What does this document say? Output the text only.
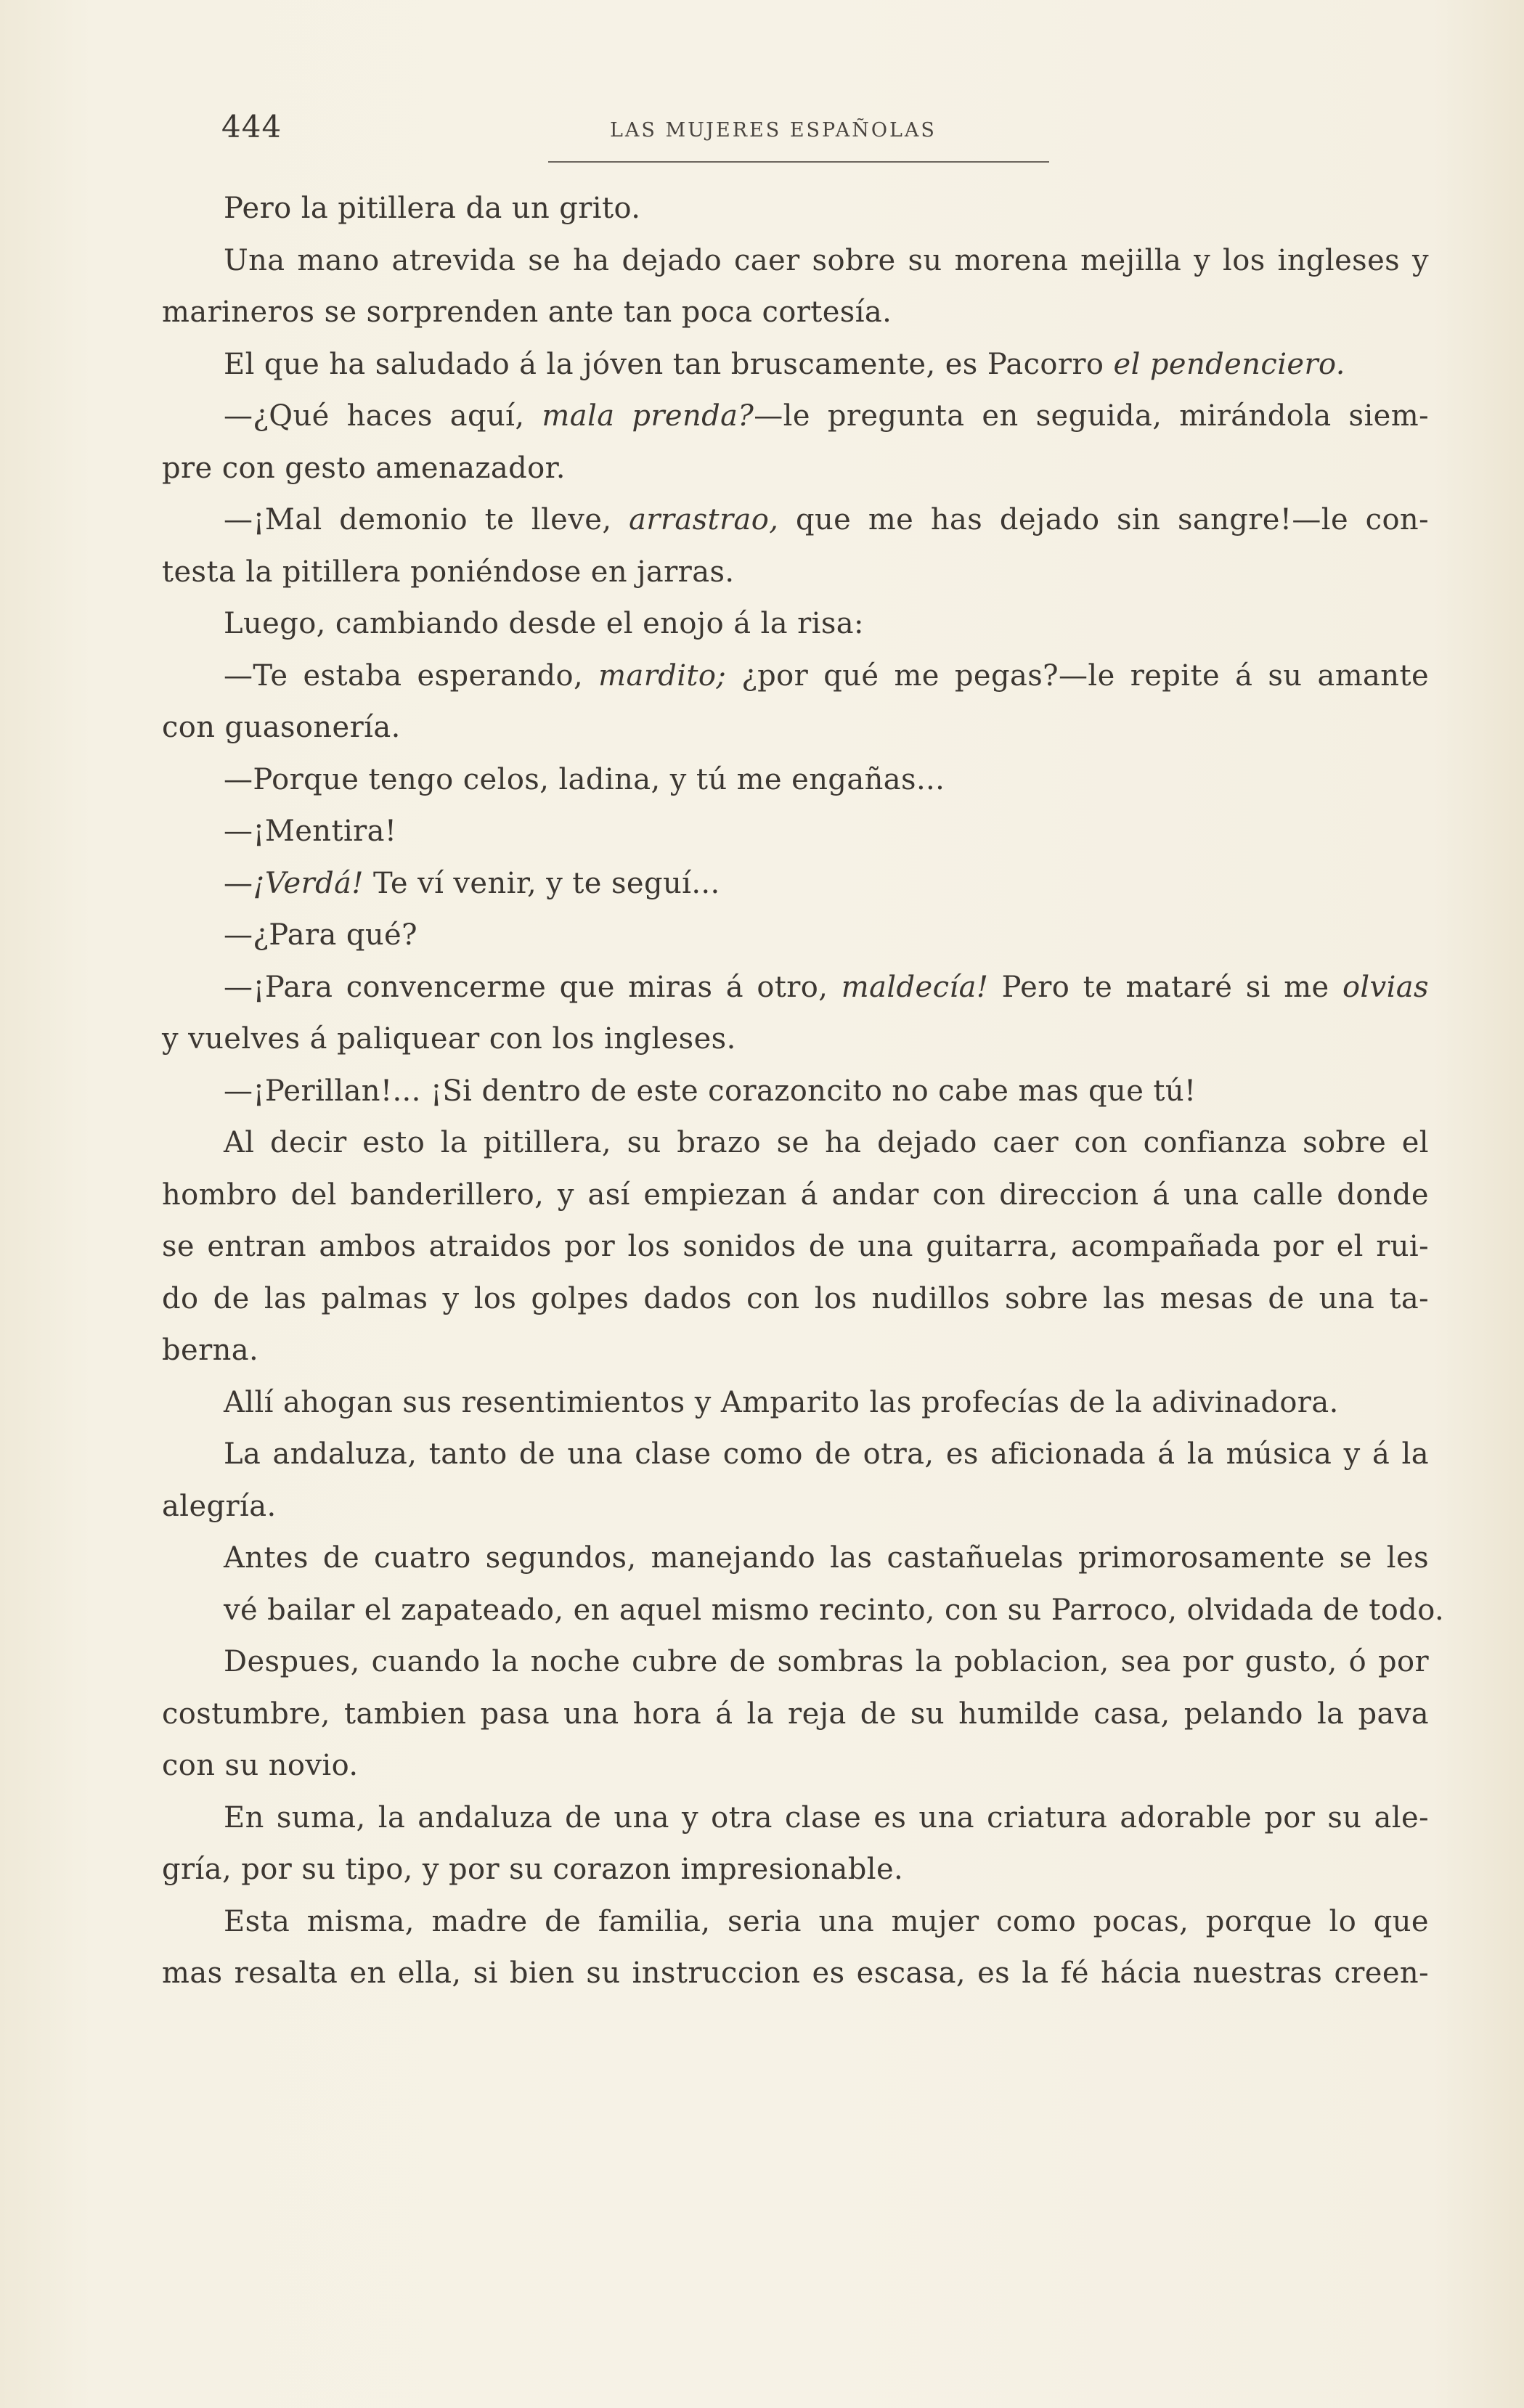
444	LAS MUJERES ESPAÑOLAS
Pero la pitillera da un grito.
Una mano atrevida se ha dejado caer sobre su morena mejilla y los ingleses y
marineros se sorprenden ante tan poca cortesía.
El que ha saludado á la jóven tan bruscamente, es Pacorro el pendenciero.
—¿Qué haces aquí, mala prenda?—le pregunta en seguida, mirándola siem-
pre con gesto amenazador.
—¡Mal demonio te lleve, arrastrao, que me has dejado sin sangre!—le con-
testa la pitillera poniéndose en jarras.
Luego, cambiando desde el enojo á la risa:
—Te estaba esperando, mardito; ¿por qué me pegas?—le repite á su amante
con guasonería.
—Porque tengo celos, ladina, y tú me engañas...
—¡Mentira!
—¡Verdá! Te ví venir, y te seguí...
—¿Para qué?
—¡Para convencerme que miras á otro, maldecía! Pero te mataré si me olvias
y vuelves á paliquear con los ingleses.
—¡Perillan!... ¡Si dentro de este corazoncito no cabe mas que tú!
Al decir esto la pitillera, su brazo se ha dejado caer con confianza sobre el
hombro del banderillero, y así empiezan á andar con direccion á una calle donde
se entran ambos atraidos por los sonidos de una guitarra, acompañada por el rui-
do de las palmas y los golpes dados con los nudillos sobre las mesas de una ta-
berna.
Allí ahogan sus resentimientos y Amparito las profecías de la adivinadora.
La andaluza, tanto de una clase como de otra, es aficionada á la música y á la
alegría.
Antes de cuatro segundos, manejando las castañuelas primorosamente se les
vé bailar el zapateado, en aquel mismo recinto, con su Parroco, olvidada de todo.
Despues, cuando la noche cubre de sombras la poblacion, sea por gusto, ó por
costumbre, tambien pasa una hora á la reja de su humilde casa, pelando la pava
con su novio.
En suma, la andaluza de una y otra clase es una criatura adorable por su ale-
gría, por su tipo, y por su corazon impresionable.
Esta misma, madre de familia, seria una mujer como pocas, porque lo que
mas resalta en ella, si bien su instruccion es escasa, es la fé hácia nuestras creen-
